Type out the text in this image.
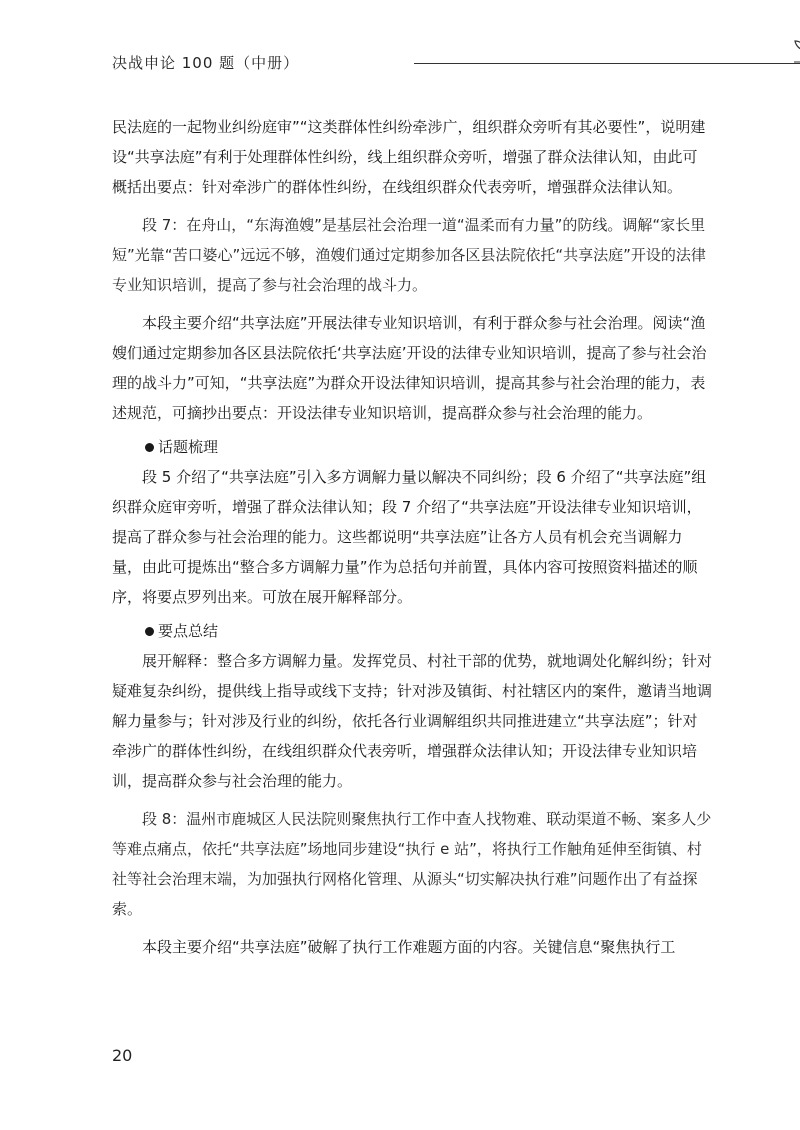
决战申论 100 题（中册）

民法庭的一起物业纠纷庭审”“这类群体性纠纷牵涉广，组织群众旁听有其必要性”，说明建设“共享法庭”有利于处理群体性纠纷，线上组织群众旁听，增强了群众法律认知，由此可概括出要点：针对牵涉广的群体性纠纷，在线组织群众代表旁听，增强群众法律认知。

段 7：在舟山，“东海渔嫂”是基层社会治理一道“温柔而有力量”的防线。调解“家长里短”光靠“苦口婆心”远远不够，渔嫂们通过定期参加各区县法院依托“共享法庭”开设的法律专业知识培训，提高了参与社会治理的战斗力。

本段主要介绍“共享法庭”开展法律专业知识培训，有利于群众参与社会治理。阅读“渔嫂们通过定期参加各区县法院依托‘共享法庭’开设的法律专业知识培训，提高了参与社会治理的战斗力”可知，“共享法庭”为群众开设法律知识培训，提高其参与社会治理的能力，表述规范，可摘抄出要点：开设法律专业知识培训，提高群众参与社会治理的能力。

话题梳理

段 5 介绍了“共享法庭”引入多方调解力量以解决不同纠纷；段 6 介绍了“共享法庭”组织群众庭审旁听，增强了群众法律认知；段 7 介绍了“共享法庭”开设法律专业知识培训，提高了群众参与社会治理的能力。这些都说明“共享法庭”让各方人员有机会充当调解力量，由此可提炼出“整合多方调解力量”作为总括句并前置，具体内容可按照资料描述的顺序，将要点罗列出来。可放在展开解释部分。

要点总结

展开解释：整合多方调解力量。发挥党员、村社干部的优势，就地调处化解纠纷；针对疑难复杂纠纷，提供线上指导或线下支持；针对涉及镇街、村社辖区内的案件，邀请当地调解力量参与；针对涉及行业的纠纷，依托各行业调解组织共同推进建立“共享法庭”；针对牵涉广的群体性纠纷，在线组织群众代表旁听，增强群众法律认知；开设法律专业知识培训，提高群众参与社会治理的能力。

段 8：温州市鹿城区人民法院则聚焦执行工作中查人找物难、联动渠道不畅、案多人少等难点痛点，依托“共享法庭”场地同步建设“执行 e 站”，将执行工作触角延伸至街镇、村社等社会治理末端，为加强执行网格化管理、从源头“切实解决执行难”问题作出了有益探索。

本段主要介绍“共享法庭”破解了执行工作难题方面的内容。关键信息“聚焦执行工

20
